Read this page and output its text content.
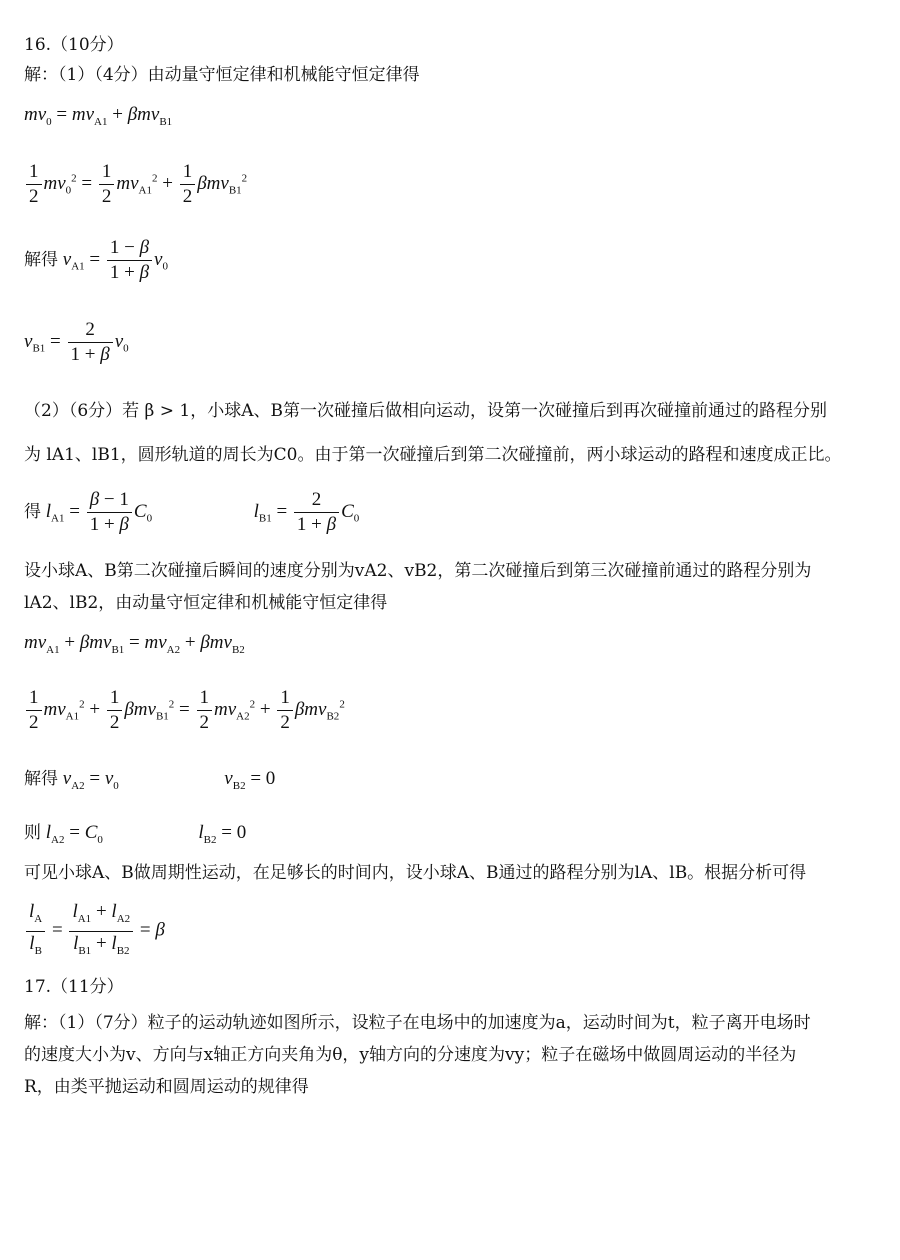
16.（10分）
解：（1）（4分）由动量守恒定律和机械能守恒定律得
$mv_0 = mv_{A1} + \beta mv_{B1}$
$\frac{1}{2} mv_0^2 = \frac{1}{2} mv_{A1}^2 + \frac{1}{2} \beta mv_{B1}^2$
解得 $v_{A1} = \frac{1 - \beta}{1 + \beta} v_0$
$v_{B1} = \frac{2}{1 + \beta} v_0$
（2）（6分）若 β > 1，小球A、B第一次碰撞后做相向运动，设第一次碰撞后到再次碰撞前通过的路程分别
为 lA1、lB1，圆形轨道的周长为C0。由于第一次碰撞后到第二次碰撞前，两小球运动的路程和速度成正比。
得 $l_{A1} = \frac{\beta - 1}{1 + \beta} C_0$	$l_{B1} = \frac{2}{1 + \beta} C_0$
设小球A、B第二次碰撞后瞬间的速度分别为vA2、vB2，第二次碰撞后到第三次碰撞前通过的路程分别为
lA2、lB2，由动量守恒定律和机械能守恒定律得
$mv_{A1} + \beta mv_{B1} = mv_{A2} + \beta mv_{B2}$
$\frac{1}{2} mv_{A1}^2 + \frac{1}{2} \beta mv_{B1}^2 = \frac{1}{2} mv_{A2}^2 + \frac{1}{2} \beta mv_{B2}^2$
解得 $v_{A2} = v_0$	$v_{B2} = 0$
则 $l_{A2} = C_0$	$l_{B2} = 0$
可见小球A、B做周期性运动，在足够长的时间内，设小球A、B通过的路程分别为lA、lB。根据分析可得
$\frac{l_A}{l_B} = \frac{l_{A1} + l_{A2}}{l_{B1} + l_{B2}} = \beta$
17.（11分）
解：（1）（7分）粒子的运动轨迹如图所示，设粒子在电场中的加速度为a，运动时间为t，粒子离开电场时
的速度大小为v、方向与x轴正方向夹角为θ，y轴方向的分速度为vy；粒子在磁场中做圆周运动的半径为
R，由类平抛运动和圆周运动的规律得
